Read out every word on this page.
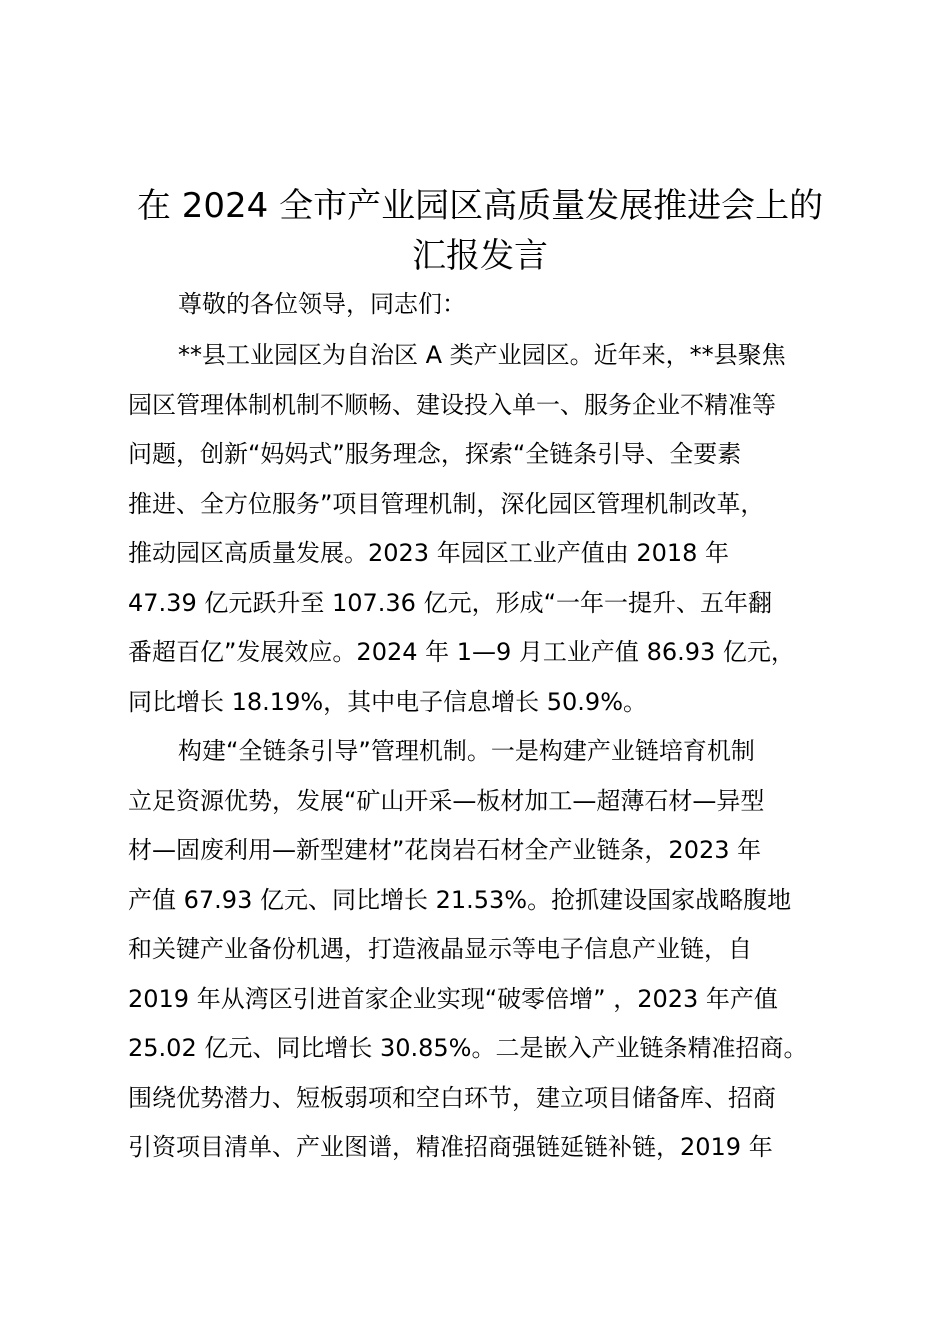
在 2024 全市产业园区高质量发展推进会上的
汇报发言
尊敬的各位领导，同志们：
**县工业园区为自治区 A 类产业园区。近年来，**县聚焦
园区管理体制机制不顺畅、建设投入单一、服务企业不精准等
问题，创新“妈妈式”服务理念，探索“全链条引导、全要素
推进、全方位服务”项目管理机制，深化园区管理机制改革，
推动园区高质量发展。2023 年园区工业产值由 2018 年
47.39 亿元跃升至 107.36 亿元，形成“一年一提升、五年翻
番超百亿”发展效应。2024 年 1—9 月工业产值 86.93 亿元，
同比增长 18.19%，其中电子信息增长 50.9%。
构建“全链条引导”管理机制。一是构建产业链培育机制
立足资源优势，发展“矿山开采—板材加工—超薄石材—异型
材—固废利用—新型建材”花岗岩石材全产业链条，2023 年
产值 67.93 亿元、同比增长 21.53%。抢抓建设国家战略腹地
和关键产业备份机遇，打造液晶显示等电子信息产业链，自
2019 年从湾区引进首家企业实现“破零倍增” ，2023 年产值
25.02 亿元、同比增长 30.85%。二是嵌入产业链条精准招商。
围绕优势潜力、短板弱项和空白环节，建立项目储备库、招商
引资项目清单、产业图谱，精准招商强链延链补链，2019 年
